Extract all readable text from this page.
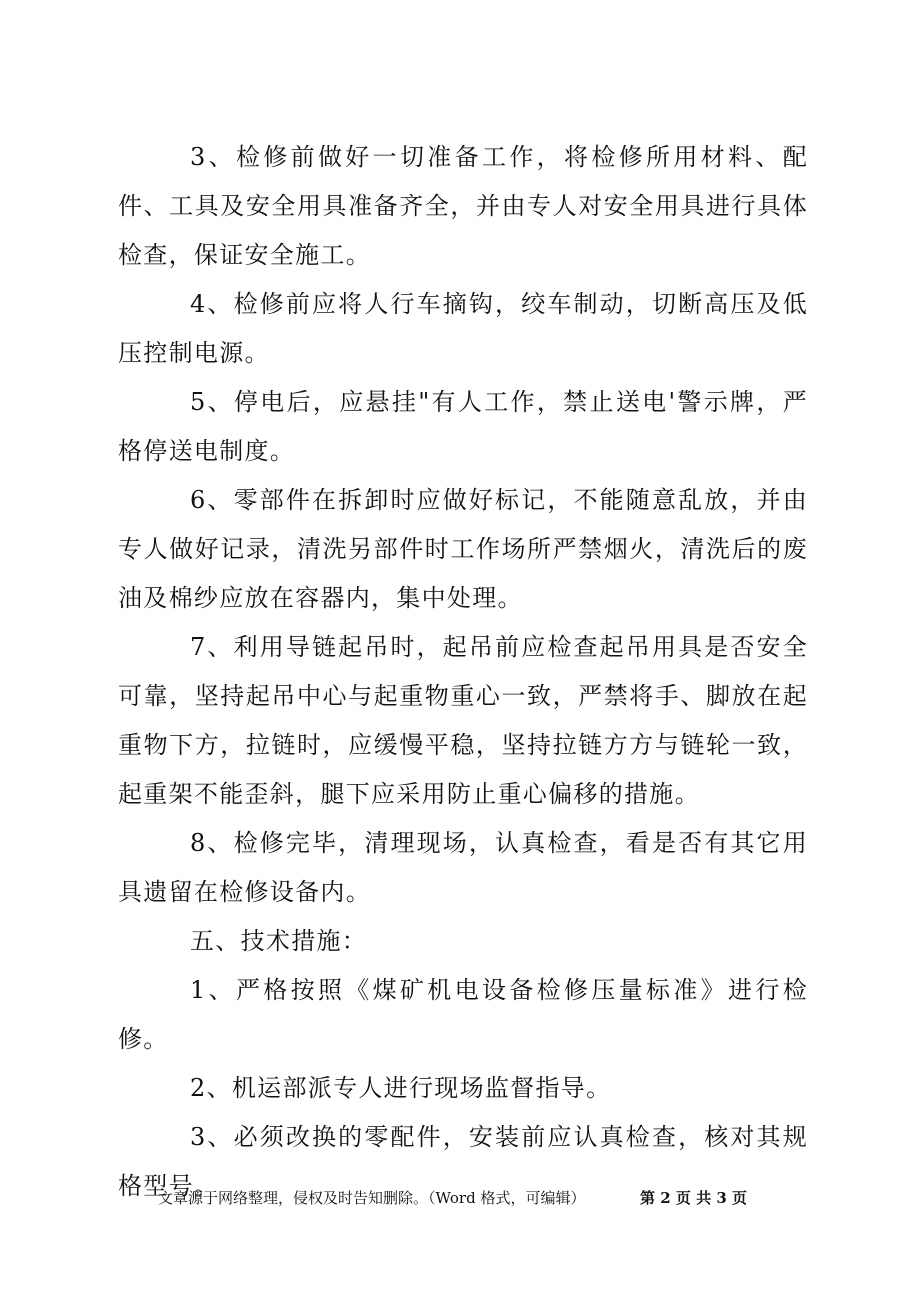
3、检修前做好一切准备工作，将检修所用材料、配件、工具及安全用具准备齐全，并由专人对安全用具进行具体检查，保证安全施工。

4、检修前应将人行车摘钩，绞车制动，切断高压及低压控制电源。

5、停电后，应悬挂"有人工作，禁止送电'警示牌，严格停送电制度。

6、零部件在拆卸时应做好标记，不能随意乱放，并由专人做好记录，清洗另部件时工作场所严禁烟火，清洗后的废油及棉纱应放在容器内，集中处理。

7、利用导链起吊时，起吊前应检查起吊用具是否安全可靠，坚持起吊中心与起重物重心一致，严禁将手、脚放在起重物下方，拉链时，应缓慢平稳，坚持拉链方方与链轮一致，起重架不能歪斜，腿下应采用防止重心偏移的措施。

8、检修完毕，清理现场，认真检查，看是否有其它用具遗留在检修设备内。

五、技术措施：

1、严格按照《煤矿机电设备检修压量标准》进行检修。

2、机运部派专人进行现场监督指导。

3、必须改换的零配件，安装前应认真检查，核对其规格型号。

文章源于网络整理，侵权及时告知删除。（Word 格式，可编辑）	第 2 页 共 3 页
